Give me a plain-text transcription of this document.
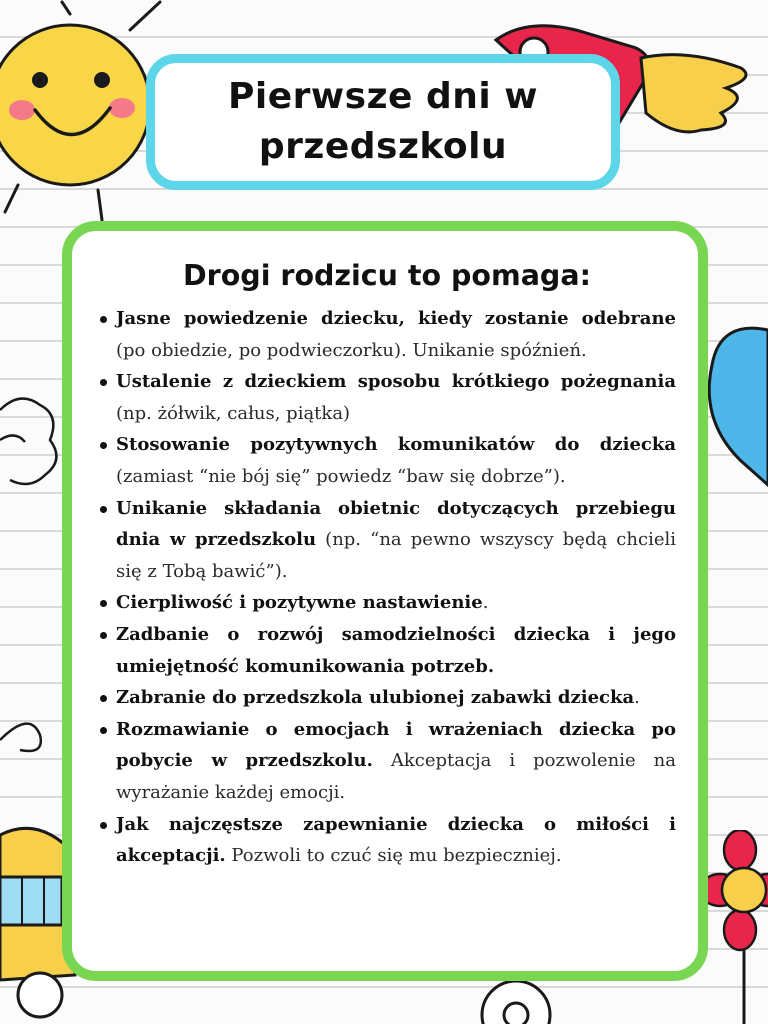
Pierwsze dni w przedszkolu
Drogi rodzicu to pomaga:
Jasne powiedzenie dziecku, kiedy zostanie odebrane (po obiedzie, po podwieczorku). Unikanie spóźnień.
Ustalenie z dzieckiem sposobu krótkiego pożegnania (np. żółwik, całus, piątka)
Stosowanie pozytywnych komunikatów do dziecka (zamiast “nie bój się” powiedz “baw się dobrze”).
Unikanie składania obietnic dotyczących przebiegu dnia w przedszkolu (np. “na pewno wszyscy będą chcieli się z Tobą bawić”).
Cierpliwość i pozytywne nastawienie.
Zadbanie o rozwój samodzielności dziecka i jego umiejętność komunikowania potrzeb.
Zabranie do przedszkola ulubionej zabawki dziecka.
Rozmawianie o emocjach i wrażeniach dziecka po pobycie w przedszkolu. Akceptacja i pozwolenie na wyrażanie każdej emocji.
Jak najczęstsze zapewnianie dziecka o miłości i akceptacji. Pozwoli to czuć się mu bezpieczniej.
